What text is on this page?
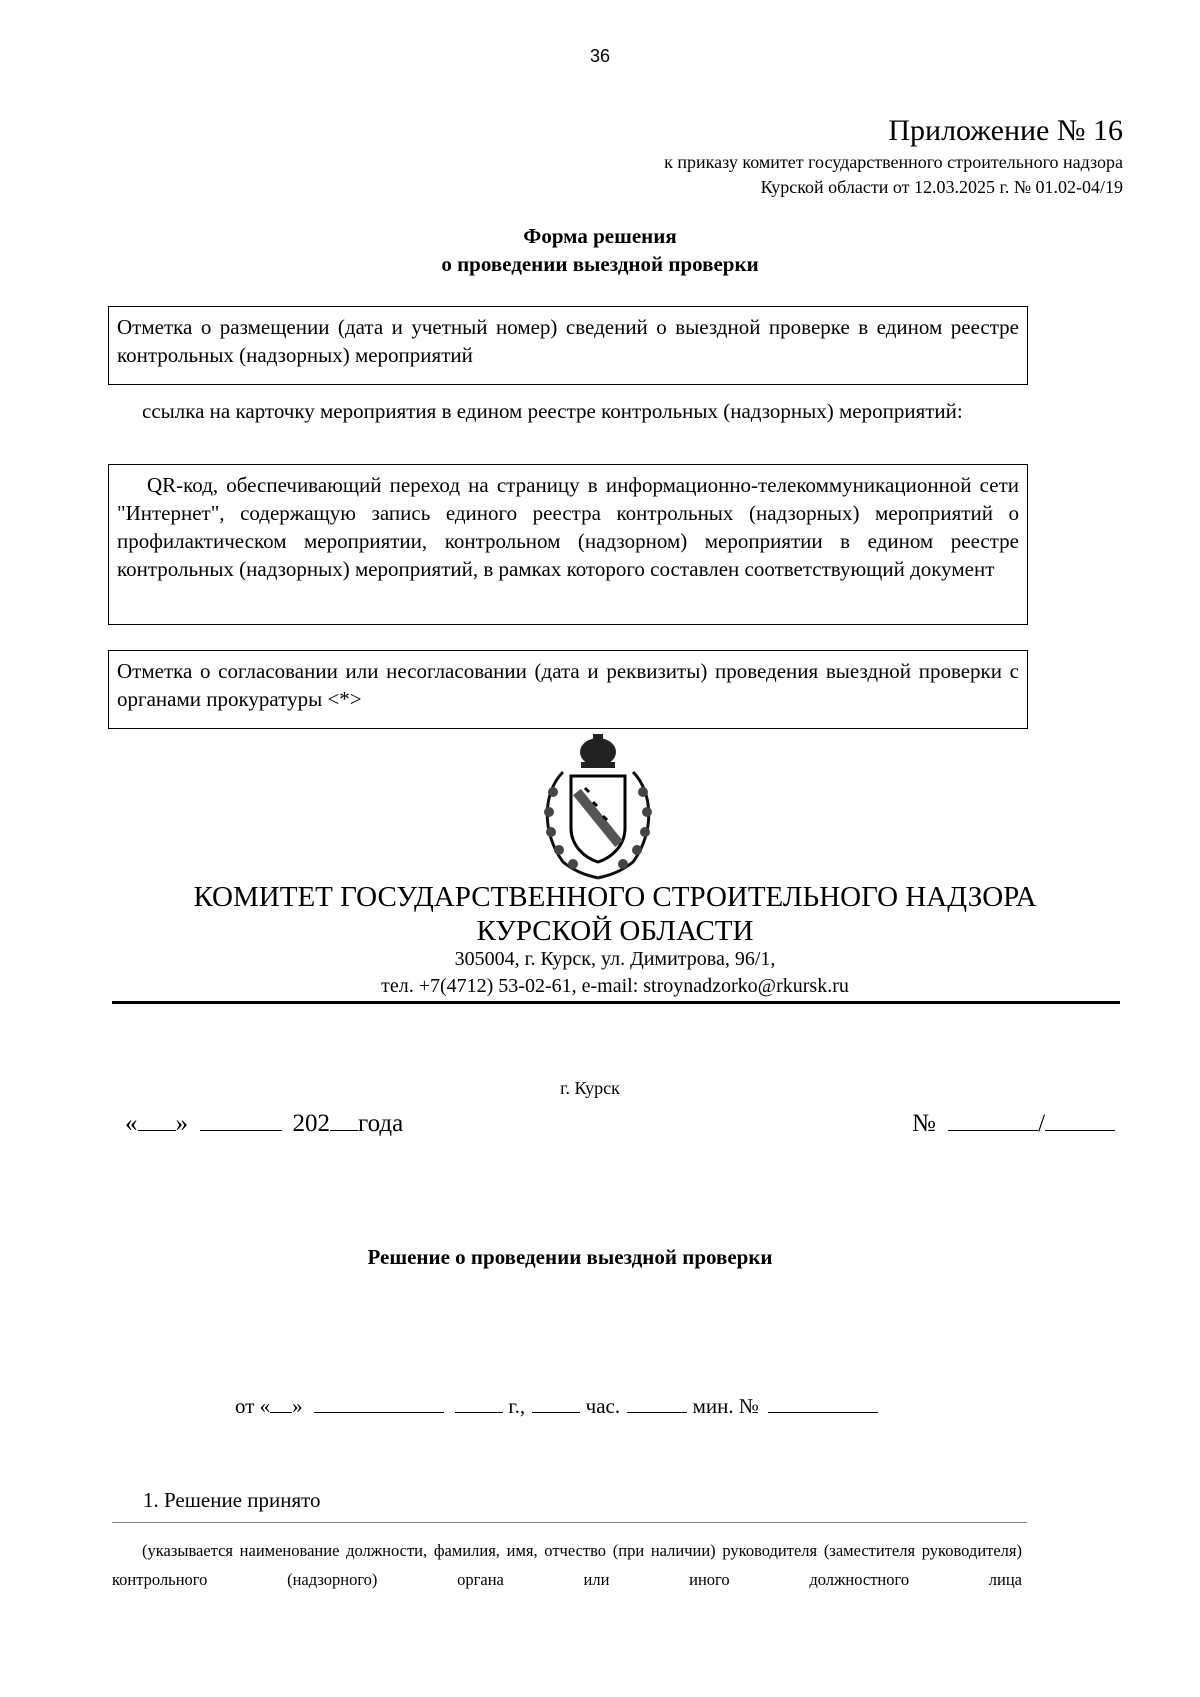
36
Приложение № 16
к приказу комитет государственного строительного надзора
Курской области от 12.03.2025 г. № 01.02-04/19
Форма решения
о проведении выездной проверки

Отметка о размещении (дата и учетный номер) сведений о выездной проверке в едином реестре контрольных (надзорных) мероприятий

ссылка на карточку мероприятия в едином реестре контрольных (надзорных) мероприятий:

QR-код, обеспечивающий переход на страницу в информационно-телекоммуникационной сети "Интернет", содержащую запись единого реестра контрольных (надзорных) мероприятий о профилактическом мероприятии, контрольном (надзорном) мероприятии в едином реестре контрольных (надзорных) мероприятий, в рамках которого составлен соответствующий документ

Отметка о согласовании или несогласовании (дата и реквизиты) проведения выездной проверки с органами прокуратуры <*>

КОМИТЕТ ГОСУДАРСТВЕННОГО СТРОИТЕЛЬНОГО НАДЗОРА
КУРСКОЙ ОБЛАСТИ
305004, г. Курск, ул. Димитрова, 96/1,
тел. +7(4712) 53-02-61, e-mail: stroynadzorko@rkursk.ru
г. Курск
« »	202 года	№	/
Решение о проведении выездной проверки
от « »	г.,	час.	мин. №
1. Решение принято
(указывается наименование должности, фамилия, имя, отчество (при наличии) руководителя (заместителя руководителя) контрольного (надзорного) органа или иного должностного лица
